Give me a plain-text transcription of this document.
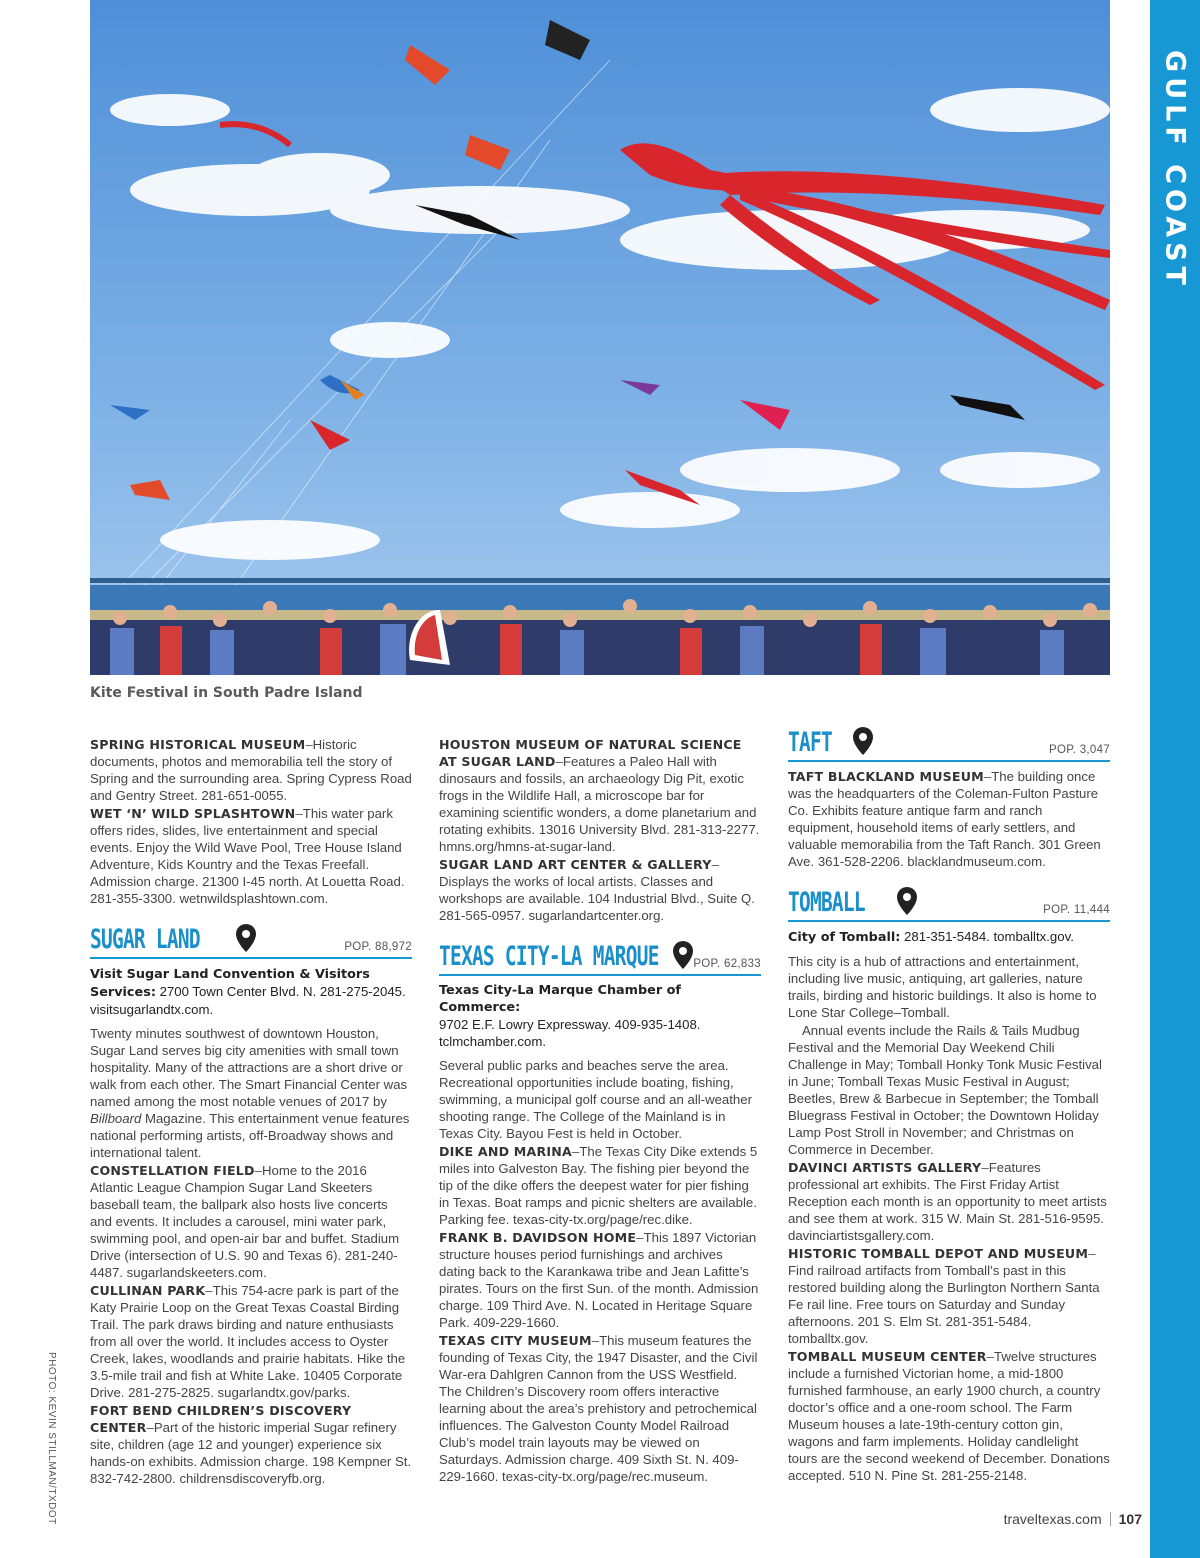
GULF COAST
Kite Festival in South Padre Island
PHOTO: KEVIN STILLMAN/TXDOT

SPRING HISTORICAL MUSEUM–Historic documents, photos and memorabilia tell the story of Spring and the surrounding area. Spring Cypress Road and Gentry Street. 281-651-0055.

WET ‘N’ WILD SPLASHTOWN–This water park offers rides, slides, live entertainment and special events. Enjoy the Wild Wave Pool, Tree House Island Adventure, Kids Kountry and the Texas Freefall. Admission charge. 21300 I-45 north. At Louetta Road. 281-355-3300. wetnwildsplashtown.com.

SUGAR LAND	POP. 88,972
Visit Sugar Land Convention & Visitors Services: 2700 Town Center Blvd. N. 281-275-2045. visitsugarlandtx.com.

Twenty minutes southwest of downtown Houston, Sugar Land serves big city amenities with small town hospitality. Many of the attractions are a short drive or walk from each other. The Smart Financial Center was named among the most notable venues of 2017 by Billboard Magazine. This entertainment venue features national performing artists, off-Broadway shows and international talent.

CONSTELLATION FIELD–Home to the 2016 Atlantic League Champion Sugar Land Skeeters baseball team, the ballpark also hosts live concerts and events. It includes a carousel, mini water park, swimming pool, and open-air bar and buffet. Stadium Drive (intersection of U.S. 90 and Texas 6). 281-240-4487. sugarlandskeeters.com.

CULLINAN PARK–This 754-acre park is part of the Katy Prairie Loop on the Great Texas Coastal Birding Trail. The park draws birding and nature enthusiasts from all over the world. It includes access to Oyster Creek, lakes, woodlands and prairie habitats. Hike the 3.5-mile trail and fish at White Lake. 10405 Corporate Drive. 281-275-2825. sugarlandtx.gov/parks.

FORT BEND CHILDREN’S DISCOVERY CENTER–Part of the historic imperial Sugar refinery site, children (age 12 and younger) experience six hands-on exhibits. Admission charge. 198 Kempner St. 832-742-2800. childrensdiscoveryfb.org.

HOUSTON MUSEUM OF NATURAL SCIENCE AT SUGAR LAND–Features a Paleo Hall with dinosaurs and fossils, an archaeology Dig Pit, exotic frogs in the Wildlife Hall, a microscope bar for examining scientific wonders, a dome planetarium and rotating exhibits. 13016 University Blvd. 281-313-2277. hmns.org/hmns-at-sugar-land.

SUGAR LAND ART CENTER & GALLERY–Displays the works of local artists. Classes and workshops are available. 104 Industrial Blvd., Suite Q. 281-565-0957. sugarlandartcenter.org.

TEXAS CITY-LA MARQUE	POP. 62,833
Texas City-La Marque Chamber of Commerce:
9702 E.F. Lowry Expressway. 409-935-1408. tclmchamber.com.

Several public parks and beaches serve the area. Recreational opportunities include boating, fishing, swimming, a municipal golf course and an all-weather shooting range. The College of the Mainland is in Texas City. Bayou Fest is held in October.

DIKE AND MARINA–The Texas City Dike extends 5 miles into Galveston Bay. The fishing pier beyond the tip of the dike offers the deepest water for pier fishing in Texas. Boat ramps and picnic shelters are available. Parking fee. texas-city-tx.org/page/rec.dike.

FRANK B. DAVIDSON HOME–This 1897 Victorian structure houses period furnishings and archives dating back to the Karankawa tribe and Jean Lafitte’s pirates. Tours on the first Sun. of the month. Admission charge. 109 Third Ave. N. Located in Heritage Square Park. 409-229-1660.

TEXAS CITY MUSEUM–This museum features the founding of Texas City, the 1947 Disaster, and the Civil War-era Dahlgren Cannon from the USS Westfield. The Children’s Discovery room offers interactive learning about the area’s prehistory and petrochemical influences. The Galveston County Model Railroad Club’s model train layouts may be viewed on Saturdays. Admission charge. 409 Sixth St. N. 409-229-1660. texas-city-tx.org/page/rec.museum.

TAFT	POP. 3,047

TAFT BLACKLAND MUSEUM–The building once was the headquarters of the Coleman-Fulton Pasture Co. Exhibits feature antique farm and ranch equipment, household items of early settlers, and valuable memorabilia from the Taft Ranch. 301 Green Ave. 361-528-2206. blacklandmuseum.com.

TOMBALL	POP. 11,444
City of Tomball: 281-351-5484. tomballtx.gov.

This city is a hub of attractions and entertainment, including live music, antiquing, art galleries, nature trails, birding and historic buildings. It also is home to Lone Star College–Tomball.

Annual events include the Rails & Tails Mudbug Festival and the Memorial Day Weekend Chili Challenge in May; Tomball Honky Tonk Music Festival in June; Tomball Texas Music Festival in August; Beetles, Brew & Barbecue in September; the Tomball Bluegrass Festival in October; the Downtown Holiday Lamp Post Stroll in November; and Christmas on Commerce in December.

DAVINCI ARTISTS GALLERY–Features professional art exhibits. The First Friday Artist Reception each month is an opportunity to meet artists and see them at work. 315 W. Main St. 281-516-9595. davinciartistsgallery.com.

HISTORIC TOMBALL DEPOT AND MUSEUM–Find railroad artifacts from Tomball’s past in this restored building along the Burlington Northern Santa Fe rail line. Free tours on Saturday and Sunday afternoons. 201 S. Elm St. 281-351-5484. tomballtx.gov.

TOMBALL MUSEUM CENTER–Twelve structures include a furnished Victorian home, a mid-1800 furnished farmhouse, an early 1900 church, a country doctor’s office and a one-room school. The Farm Museum houses a late-19th-century cotton gin, wagons and farm implements. Holiday candlelight tours are the second weekend of December. Donations accepted. 510 N. Pine St. 281-255-2148.

traveltexas.com 107
